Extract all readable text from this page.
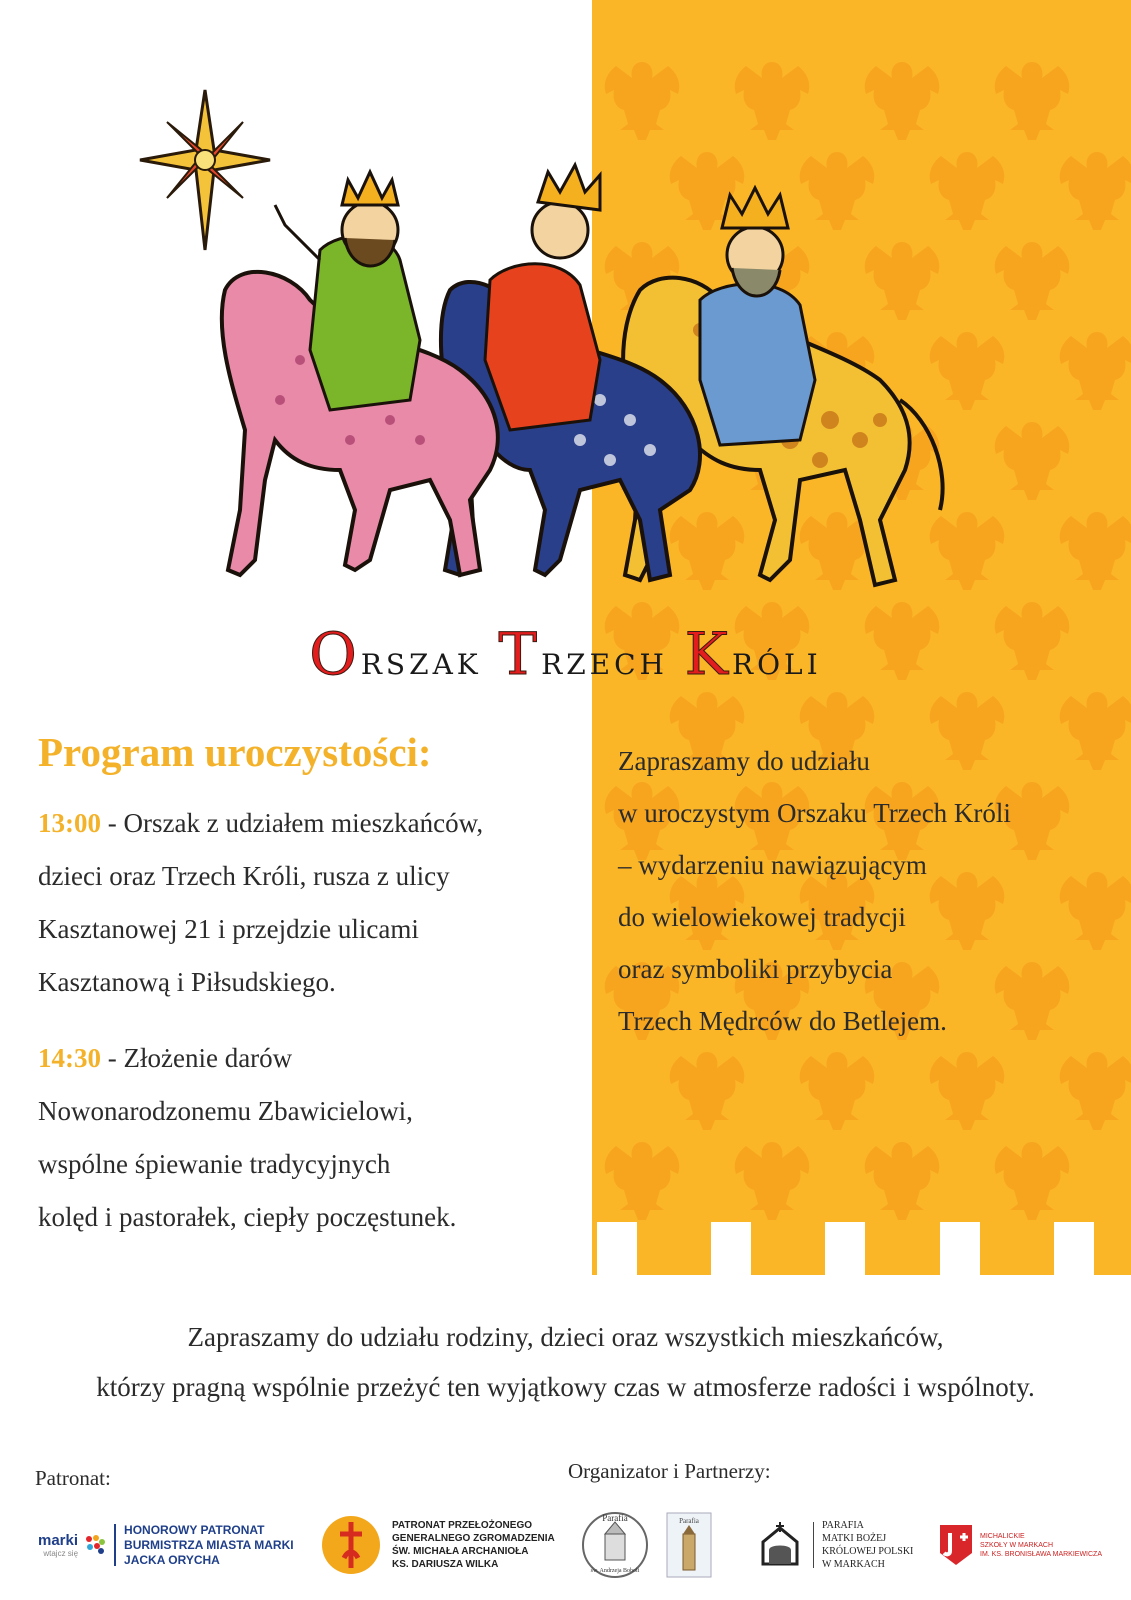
Orszak Trzech Króli
Program uroczystości:
13:00 - Orszak z udziałem mieszkańców,
dzieci oraz Trzech Króli, rusza z ulicy
Kasztanowej 21 i przejdzie ulicami
Kasztanową i Piłsudskiego.
14:30 - Złożenie darów
Nowonarodzonemu Zbawicielowi,
wspólne śpiewanie tradycyjnych
kolęd i pastorałek, ciepły poczęstunek.

Zapraszamy do udziału

w uroczystym Orszaku Trzech Króli

– wydarzeniu nawiązującym

do wielowiekowej tradycji

oraz symboliki przybycia

Trzech Mędrców do Betlejem.

Zapraszamy do udziału rodziny, dzieci oraz wszystkich mieszkańców,

którzy pragną wspólnie przeżyć ten wyjątkowy czas w atmosferze radości i wspólnoty.

Patronat:	Organizator i Partnerzy:
marki
wtajcz się
HONOROWY PATRONAT
BURMISTRZA MIASTA MARKI
JACKA ORYCHA
PATRONAT PRZEŁOŻONEGO
GENERALNEGO ZGROMADZENIA
ŚW. MICHAŁA ARCHANIOŁA
KS. DARIUSZA WILKA
Parafia
św. Andrzeja Boboli
Parafia	PARAFIA
MATKI BOŻEJ
KRÓLOWEJ POLSKI
W MARKACH
MICHALICKIE
SZKOŁY W MARKACH
IM. KS. BRONISŁAWA MARKIEWICZA
